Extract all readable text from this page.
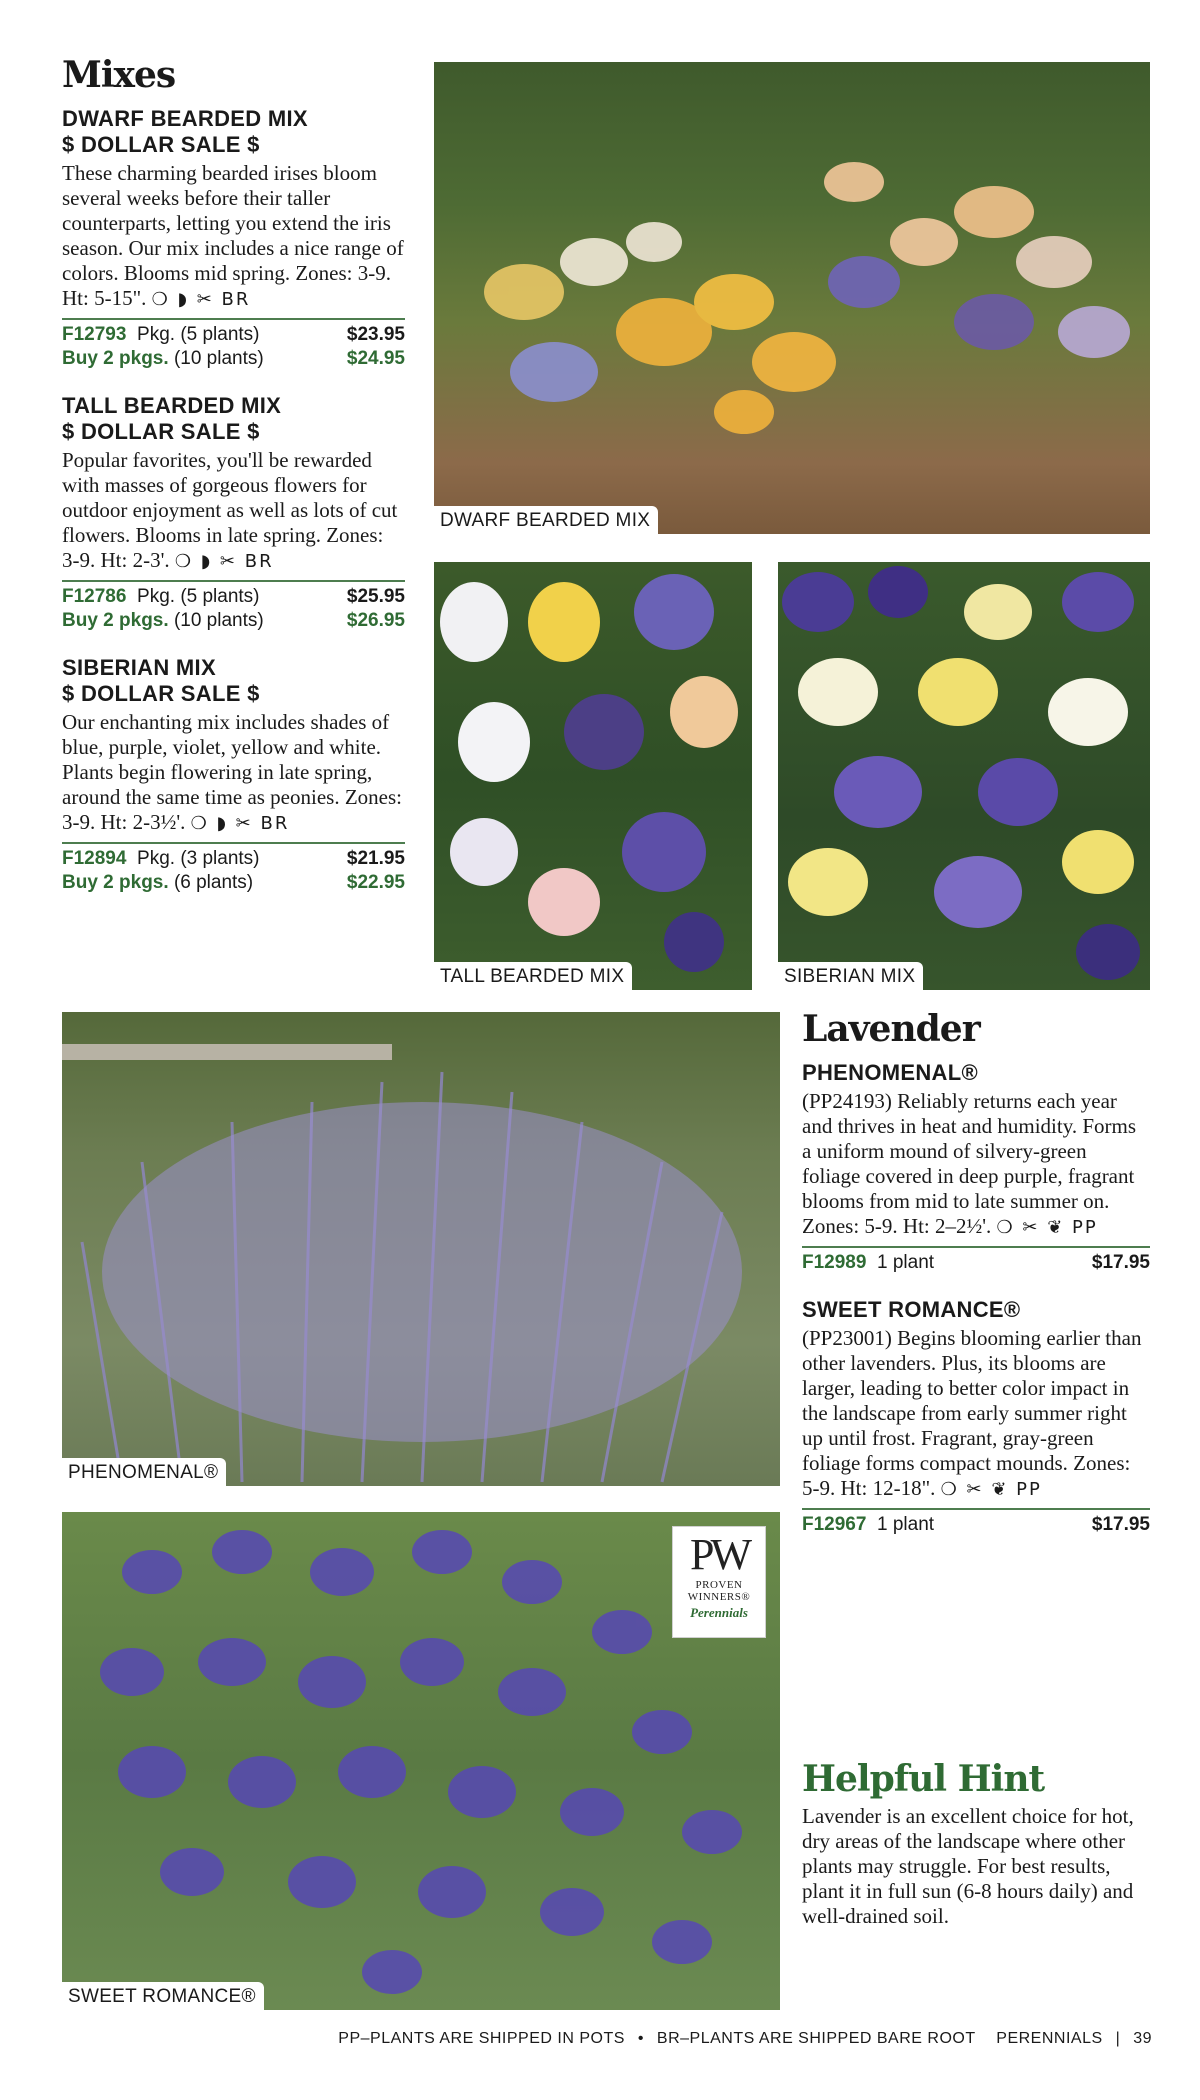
Mixes

DWARF BEARDED MIX

$ DOLLAR SALE $

These charming bearded irises bloom several weeks before their taller counterparts, letting you extend the iris season. Our mix includes a nice range of colors. Blooms mid spring. Zones: 3-9. Ht: 5-15". ❍ ◗ ✂ BR

F12793 Pkg. (5 plants)	$23.95
Buy 2 pkgs. (10 plants)	$24.95

TALL BEARDED MIX

$ DOLLAR SALE $

Popular favorites, you'll be rewarded with masses of gorgeous flowers for outdoor enjoyment as well as lots of cut flowers. Blooms in late spring. Zones: 3-9. Ht: 2-3'. ❍ ◗ ✂ BR

F12786 Pkg. (5 plants)	$25.95
Buy 2 pkgs. (10 plants)	$26.95

SIBERIAN MIX

$ DOLLAR SALE $

Our enchanting mix includes shades of blue, purple, violet, yellow and white. Plants begin flowering in late spring, around the same time as peonies. Zones: 3-9. Ht: 2-3½'. ❍ ◗ ✂ BR

F12894 Pkg. (3 plants)	$21.95
Buy 2 pkgs. (6 plants)	$22.95
DWARF BEARDED MIX
TALL BEARDED MIX	SIBERIAN MIX
PHENOMENAL®
PW
PROVEN
WINNERS®
Perennials
SWEET ROMANCE®
Lavender

PHENOMENAL®

(PP24193) Reliably returns each year and thrives in heat and humidity. Forms a uniform mound of silvery-green foliage covered in deep purple, fragrant blooms from mid to late summer on. Zones: 5-9. Ht: 2–2½'. ❍ ✂ ❦ PP

F12989 1 plant	$17.95

SWEET ROMANCE®

(PP23001) Begins blooming earlier than other lavenders. Plus, its blooms are larger, leading to better color impact in the landscape from early summer right up until frost. Fragrant, gray-green foliage forms compact mounds. Zones: 5-9. Ht: 12-18". ❍ ✂ ❦ PP

F12967 1 plant	$17.95
Helpful Hint

Lavender is an excellent choice for hot, dry areas of the landscape where other plants may struggle. For best results, plant it in full sun (6-8 hours daily) and well-drained soil.

PP–PLANTS ARE SHIPPED IN POTS • BR–PLANTS ARE SHIPPED BARE ROOT PERENNIALS | 39
